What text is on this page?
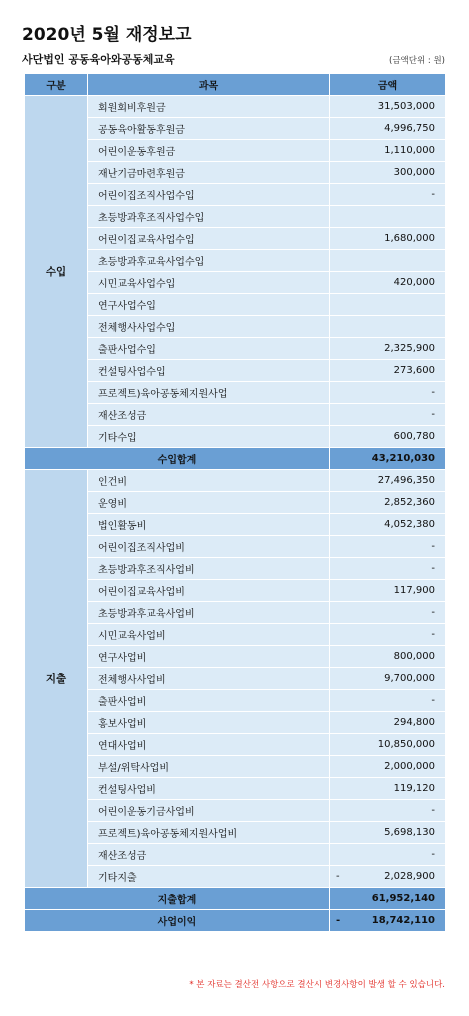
2020년 5월 재정보고
사단법인 공동육아와공동체교육	(금액단위 : 원)
구분	과목	금액
수입	회원회비후원금	31,503,000
	공동육아활동후원금	4,996,750
	어린이운동후원금	1,110,000
	재난기금마련후원금	300,000
	어린이집조직사업수입	-
	초등방과후조직사업수입	
	어린이집교육사업수입	1,680,000
	초등방과후교육사업수입	
	시민교육사업수입	420,000
	연구사업수입	
	전체행사사업수입	
	출판사업수입	2,325,900
	컨설팅사업수입	273,600
	프로젝트)육아공동체지원사업	-
	재산조성금	-
	기타수입	600,780
수입합계		43,210,030
지출	인건비	27,496,350
	운영비	2,852,360
	법인활동비	4,052,380
	어린이집조직사업비	-
	초등방과후조직사업비	-
	어린이집교육사업비	117,900
	초등방과후교육사업비	-
	시민교육사업비	-
	연구사업비	800,000
	전체행사사업비	9,700,000
	출판사업비	-
	홍보사업비	294,800
	연대사업비	10,850,000
	부설/위탁사업비	2,000,000
	컨설팅사업비	119,120
	어린이운동기금사업비	-
	프로젝트)육아공동체지원사업비	5,698,130
	재산조성금	-
	기타지출	- 2,028,900
지출합계		61,952,140
사업이익		- 18,742,110
* 본 자료는 결산전 사항으로 결산시 변경사항이 발생 할 수 있습니다.
